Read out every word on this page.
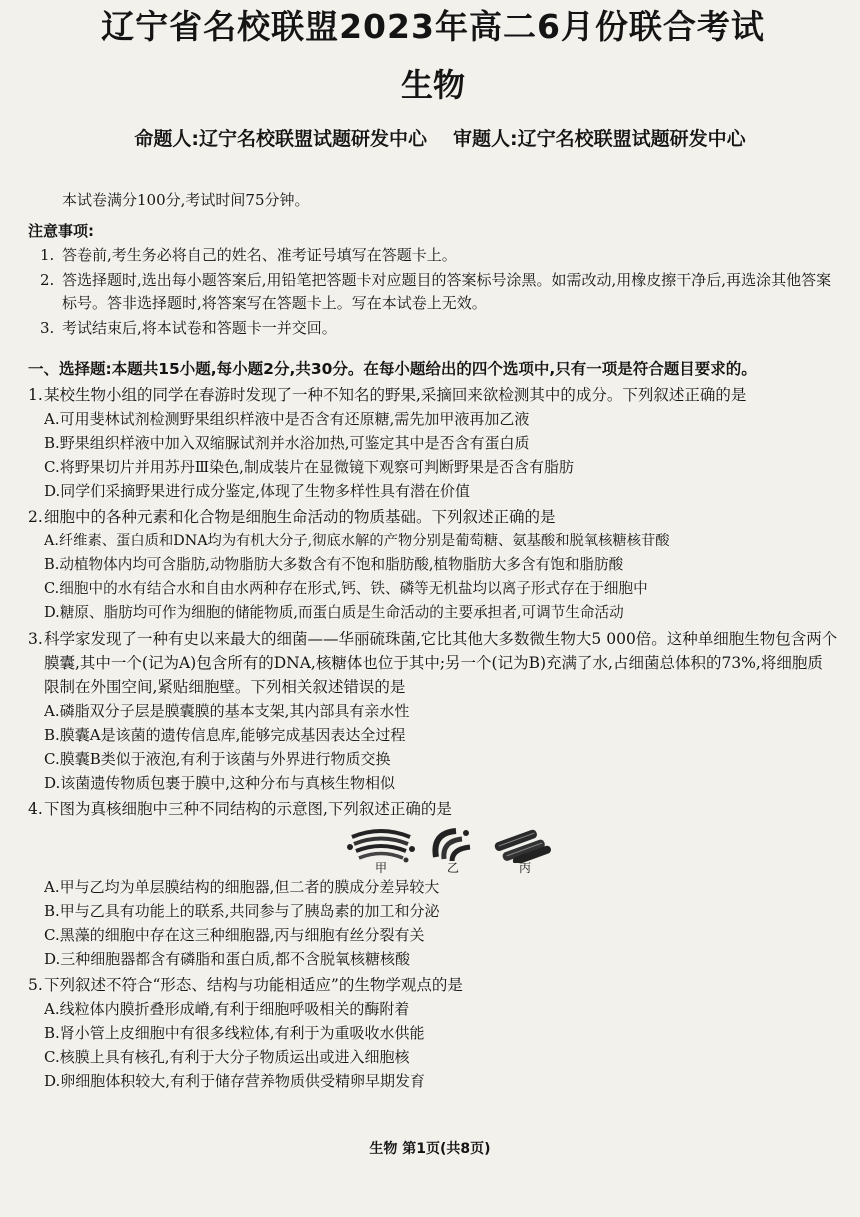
辽宁省名校联盟2023年高二6月份联合考试
生物
命题人:辽宁名校联盟试题研发中心 审题人:辽宁名校联盟试题研发中心
本试卷满分100分,考试时间75分钟。
注意事项:
1. 答卷前,考生务必将自己的姓名、准考证号填写在答题卡上。
2. 答选择题时,选出每小题答案后,用铅笔把答题卡对应题目的答案标号涂黑。如需改动,用橡皮擦干净后,再选涂其他答案标号。答非选择题时,将答案写在答题卡上。写在本试卷上无效。
3. 考试结束后,将本试卷和答题卡一并交回。
一、选择题:本题共15小题,每小题2分,共30分。在每小题给出的四个选项中,只有一项是符合题目要求的。
1. 某校生物小组的同学在春游时发现了一种不知名的野果,采摘回来欲检测其中的成分。下列叙述正确的是
A.可用斐林试剂检测野果组织样液中是否含有还原糖,需先加甲液再加乙液
B.野果组织样液中加入双缩脲试剂并水浴加热,可鉴定其中是否含有蛋白质
C.将野果切片并用苏丹Ⅲ染色,制成装片在显微镜下观察可判断野果是否含有脂肪
D.同学们采摘野果进行成分鉴定,体现了生物多样性具有潜在价值
2. 细胞中的各种元素和化合物是细胞生命活动的物质基础。下列叙述正确的是
A.纤维素、蛋白质和DNA均为有机大分子,彻底水解的产物分别是葡萄糖、氨基酸和脱氧核糖核苷酸
B.动植物体内均可含脂肪,动物脂肪大多数含有不饱和脂肪酸,植物脂肪大多含有饱和脂肪酸
C.细胞中的水有结合水和自由水两种存在形式,钙、铁、磷等无机盐均以离子形式存在于细胞中
D.糖原、脂肪均可作为细胞的储能物质,而蛋白质是生命活动的主要承担者,可调节生命活动
3. 科学家发现了一种有史以来最大的细菌——华丽硫珠菌,它比其他大多数微生物大5 000倍。这种单细胞生物包含两个膜囊,其中一个(记为A)包含所有的DNA,核糖体也位于其中;另一个(记为B)充满了水,占细菌总体积的73%,将细胞质限制在外围空间,紧贴细胞壁。下列相关叙述错误的是
A.磷脂双分子层是膜囊膜的基本支架,其内部具有亲水性
B.膜囊A是该菌的遗传信息库,能够完成基因表达全过程
C.膜囊B类似于液泡,有利于该菌与外界进行物质交换
D.该菌遗传物质包裹于膜中,这种分布与真核生物相似
4. 下图为真核细胞中三种不同结构的示意图,下列叙述正确的是
甲	乙	丙
A.甲与乙均为单层膜结构的细胞器,但二者的膜成分差异较大
B.甲与乙具有功能上的联系,共同参与了胰岛素的加工和分泌
C.黑藻的细胞中存在这三种细胞器,丙与细胞有丝分裂有关
D.三种细胞器都含有磷脂和蛋白质,都不含脱氧核糖核酸
5. 下列叙述不符合“形态、结构与功能相适应”的生物学观点的是
A.线粒体内膜折叠形成嵴,有利于细胞呼吸相关的酶附着
B.肾小管上皮细胞中有很多线粒体,有利于为重吸收水供能
C.核膜上具有核孔,有利于大分子物质运出或进入细胞核
D.卵细胞体积较大,有利于储存营养物质供受精卵早期发育
生物 第1页(共8页)
